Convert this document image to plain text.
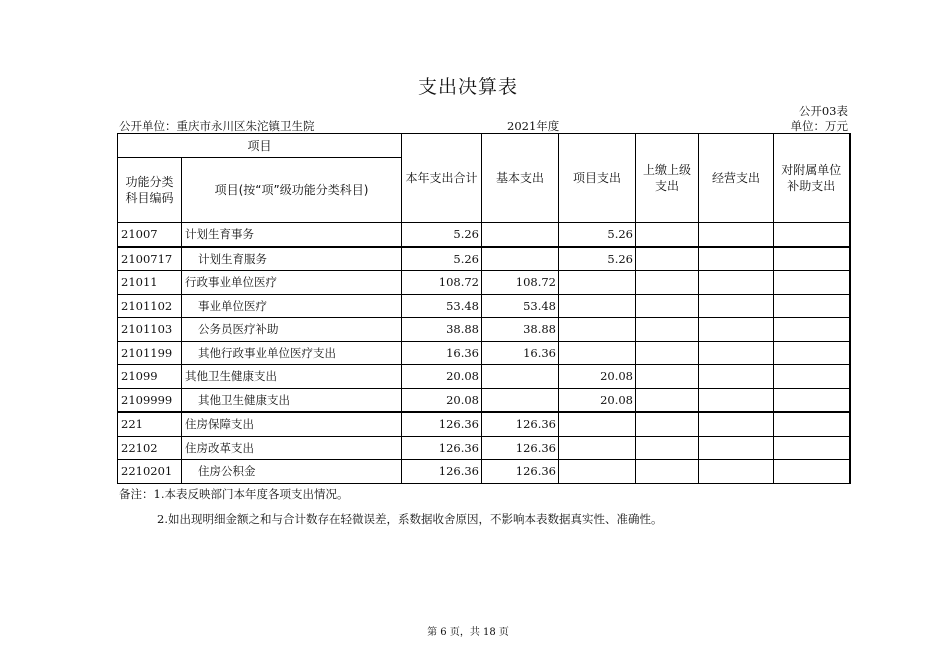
支出决算表
公开03表
公开单位：重庆市永川区朱沱镇卫生院	2021年度	单位：万元
项目		本年支出合计	基本支出	项目支出	上缴上级支出	经营支出	对附属单位补助支出
功能分类科目编码	项目(按“项”级功能分类科目)						
21007	计划生育事务	5.26		5.26			
2100717	计划生育服务	5.26		5.26			
21011	行政事业单位医疗	108.72	108.72				
2101102	事业单位医疗	53.48	53.48				
2101103	公务员医疗补助	38.88	38.88				
2101199	其他行政事业单位医疗支出	16.36	16.36				
21099	其他卫生健康支出	20.08		20.08			
2109999	其他卫生健康支出	20.08		20.08			
221	住房保障支出	126.36	126.36				
22102	住房改革支出	126.36	126.36				
2210201	住房公积金	126.36	126.36				
备注：1.本表反映部门本年度各项支出情况。
2.如出现明细金额之和与合计数存在轻微误差，系数据收舍原因，不影响本表数据真实性、准确性。
第 6 页，共 18 页
